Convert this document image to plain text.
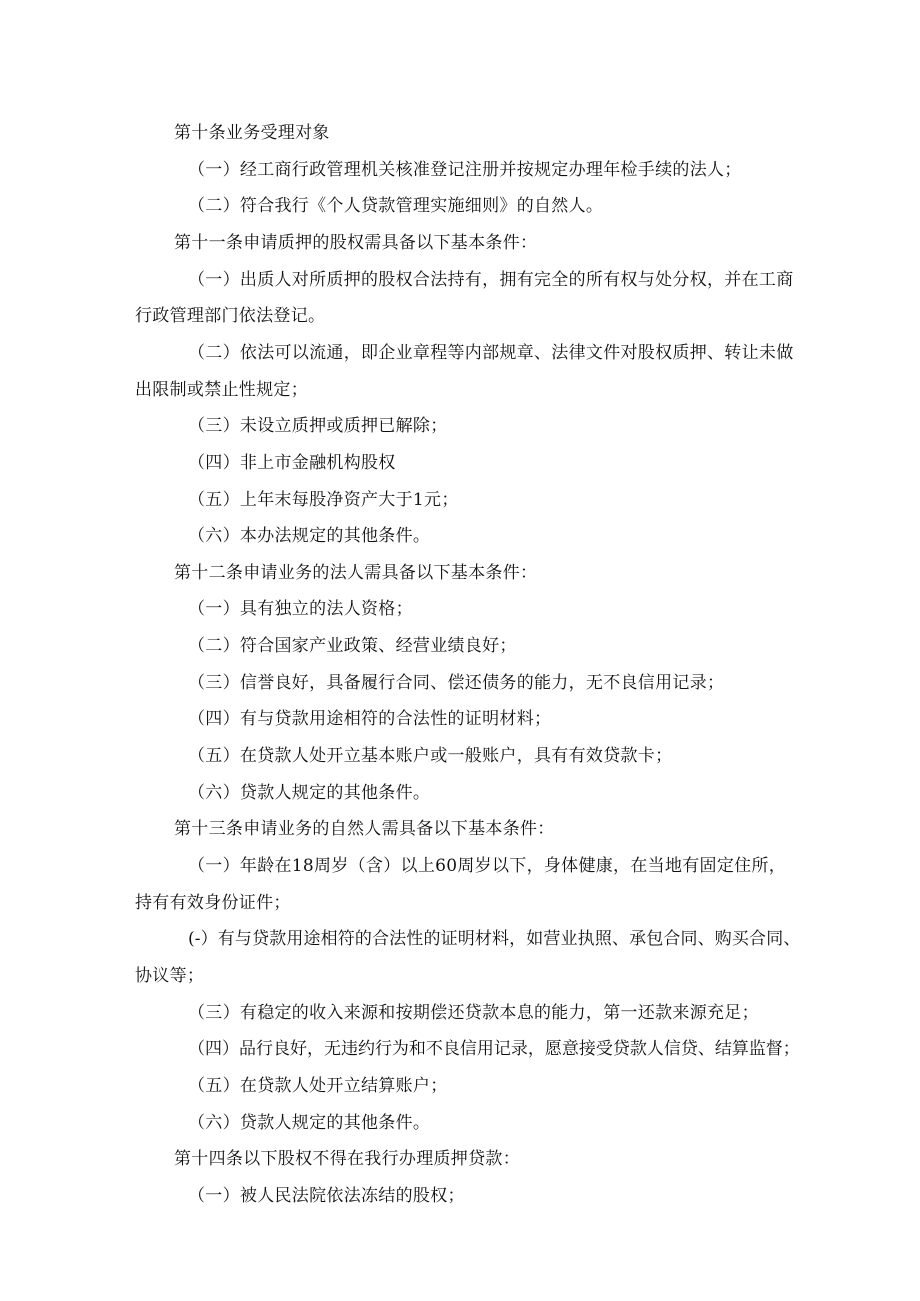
第十条业务受理对象

（一）经工商行政管理机关核准登记注册并按规定办理年检手续的法人；

（二）符合我行《个人贷款管理实施细则》的自然人。

第十一条申请质押的股权需具备以下基本条件：

（一）出质人对所质押的股权合法持有，拥有完全的所有权与处分权，并在工商

行政管理部门依法登记。

（二）依法可以流通，即企业章程等内部规章、法律文件对股权质押、转让未做

出限制或禁止性规定；

（三）未设立质押或质押已解除；

（四）非上市金融机构股权

（五）上年末每股净资产大于1元；

（六）本办法规定的其他条件。

第十二条申请业务的法人需具备以下基本条件：

（一）具有独立的法人资格；

（二）符合国家产业政策、经营业绩良好；

（三）信誉良好，具备履行合同、偿还债务的能力，无不良信用记录；

（四）有与贷款用途相符的合法性的证明材料；

（五）在贷款人处开立基本账户或一般账户，具有有效贷款卡；

（六）贷款人规定的其他条件。

第十三条申请业务的自然人需具备以下基本条件：

（一）年龄在18周岁（含）以上60周岁以下，身体健康，在当地有固定住所，

持有有效身份证件；

(-）有与贷款用途相符的合法性的证明材料，如营业执照、承包合同、购买合同、

协议等；

（三）有稳定的收入来源和按期偿还贷款本息的能力，第一还款来源充足；

（四）品行良好，无违约行为和不良信用记录，愿意接受贷款人信贷、结算监督；

（五）在贷款人处开立结算账户；

（六）贷款人规定的其他条件。

第十四条以下股权不得在我行办理质押贷款：

（一）被人民法院依法冻结的股权；
